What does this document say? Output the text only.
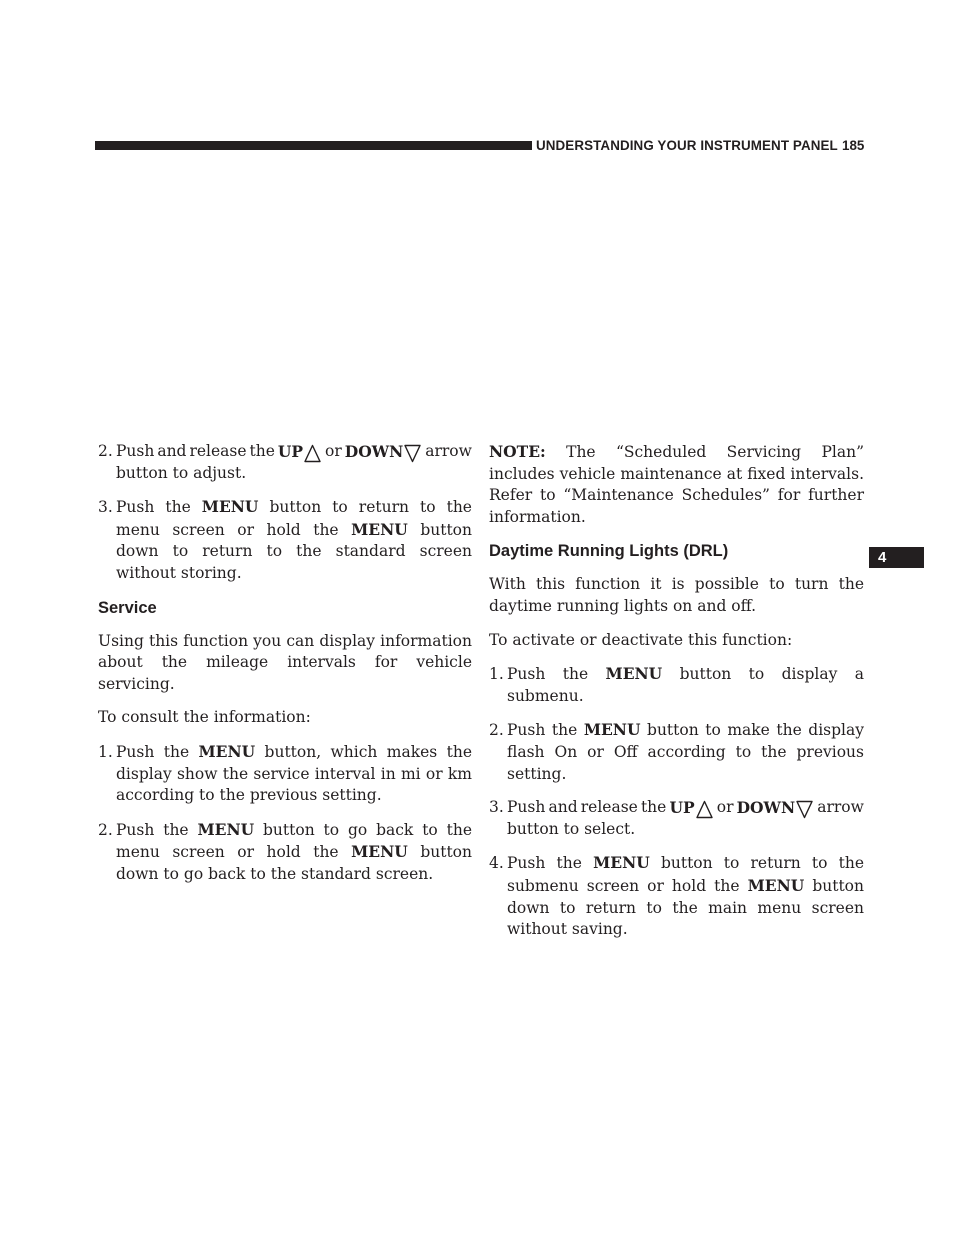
UNDERSTANDING YOUR INSTRUMENT PANEL 185
4
2. Push and release the UP or DOWN arrow
button to adjust.

3. Push the MENU button to return to the menu screen or hold the MENU button down to return to the standard screen without storing.

Service

Using this function you can display information about the mileage intervals for vehicle servicing.

To consult the information:

1. Push the MENU button, which makes the display show the service interval in mi or km according to the previous setting.

2. Push the MENU button to go back to the menu screen or hold the MENU button down to go back to the standard screen.

NOTE: The “Scheduled Servicing Plan” includes vehicle maintenance at fixed intervals. Refer to “Maintenance Schedules” for further information.

Daytime Running Lights (DRL)

With this function it is possible to turn the daytime running lights on and off.

To activate or deactivate this function:

1. Push the MENU button to display a submenu.

2. Push the MENU button to make the display flash On or Off according to the previous setting.

3. Push and release the UP or DOWN arrow
button to select.

4. Push the MENU button to return to the submenu screen or hold the MENU button down to return to the main menu screen without saving.
